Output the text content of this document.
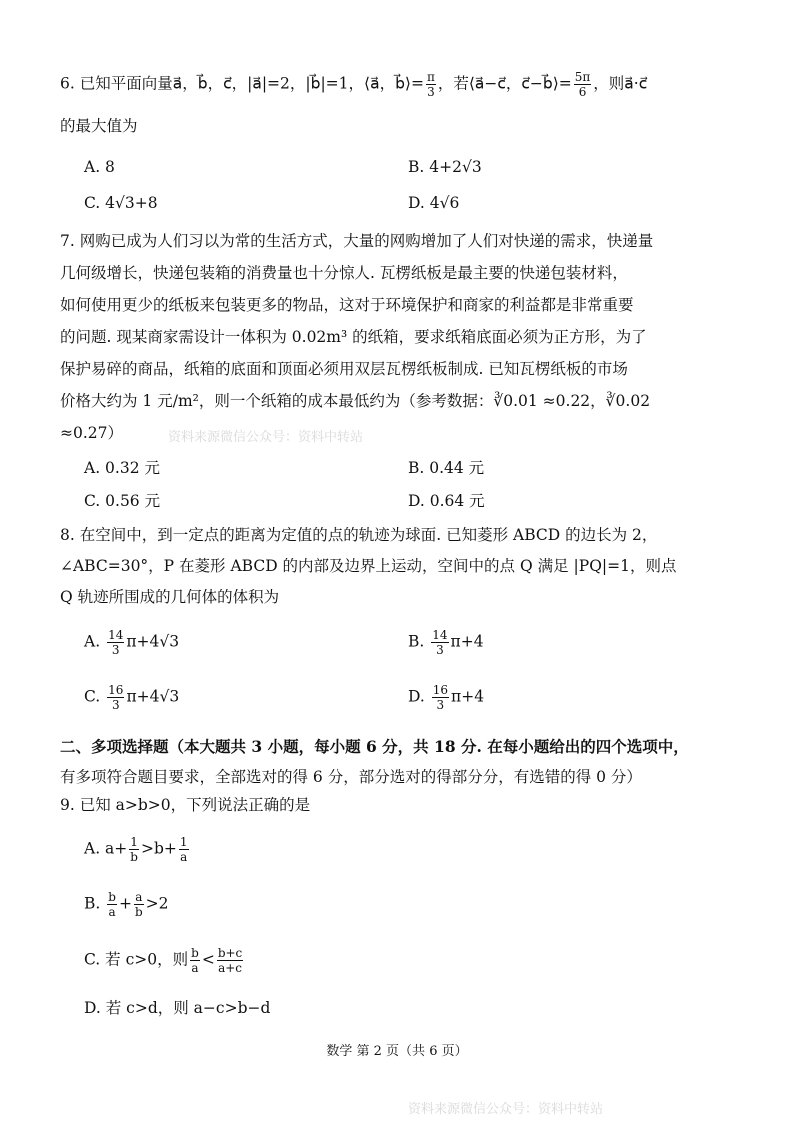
6. 已知平面向量a⃗，b⃗，c⃗，|a⃗|=2，|b⃗|=1，⟨a⃗，b⃗⟩= $\frac{\pi}{3}$ ，若⟨a⃗−c⃗，c⃗−b⃗⟩= $\frac{5\pi}{6}$ ，则a⃗·c⃗
的最大值为
A. 8	B. 4+2√3
C. 4√3+8	D. 4√6
7. 网购已成为人们习以为常的生活方式，大量的网购增加了人们对快递的需求，快递量
几何级增长，快递包装箱的消费量也十分惊人. 瓦楞纸板是最主要的快递包装材料，
如何使用更少的纸板来包装更多的物品，这对于环境保护和商家的利益都是非常重要
的问题. 现某商家需设计一体积为 0.02m³ 的纸箱，要求纸箱底面必须为正方形，为了
保护易碎的商品，纸箱的底面和顶面必须用双层瓦楞纸板制成. 已知瓦楞纸板的市场
价格大约为 1 元/m²，则一个纸箱的成本最低约为（参考数据：∛0.01 ≈0.22，∛0.02
≈0.27）	资料来源微信公众号：资料中转站
A. 0.32 元	B. 0.44 元
C. 0.56 元	D. 0.64 元
8. 在空间中，到一定点的距离为定值的点的轨迹为球面. 已知菱形 ABCD 的边长为 2，
∠ABC=30°，P 在菱形 ABCD 的内部及边界上运动，空间中的点 Q 满足 |PQ|=1，则点
Q 轨迹所围成的几何体的体积为
A. $\frac{14}{3} \pi+4√3$	B. $\frac{14}{3} \pi+4$
C. $\frac{16}{3} \pi+4√3$	D. $\frac{16}{3} \pi+4$
二、多项选择题（本大题共 3 小题，每小题 6 分，共 18 分. 在每小题给出的四个选项中，
有多项符合题目要求，全部选对的得 6 分，部分选对的得部分分，有选错的得 0 分）
9. 已知 a>b>0，下列说法正确的是
A. $a+ \frac{1}{b} >b+ \frac{1}{a}$
B. $\frac{b}{a} + \frac{a}{b} >2$
C. 若 c>0，则 $\frac{b}{a} < \frac{b+c}{a+c}$
D. 若 c>d，则 a−c>b−d
数学 第 2 页（共 6 页）
资料来源微信公众号：资料中转站
